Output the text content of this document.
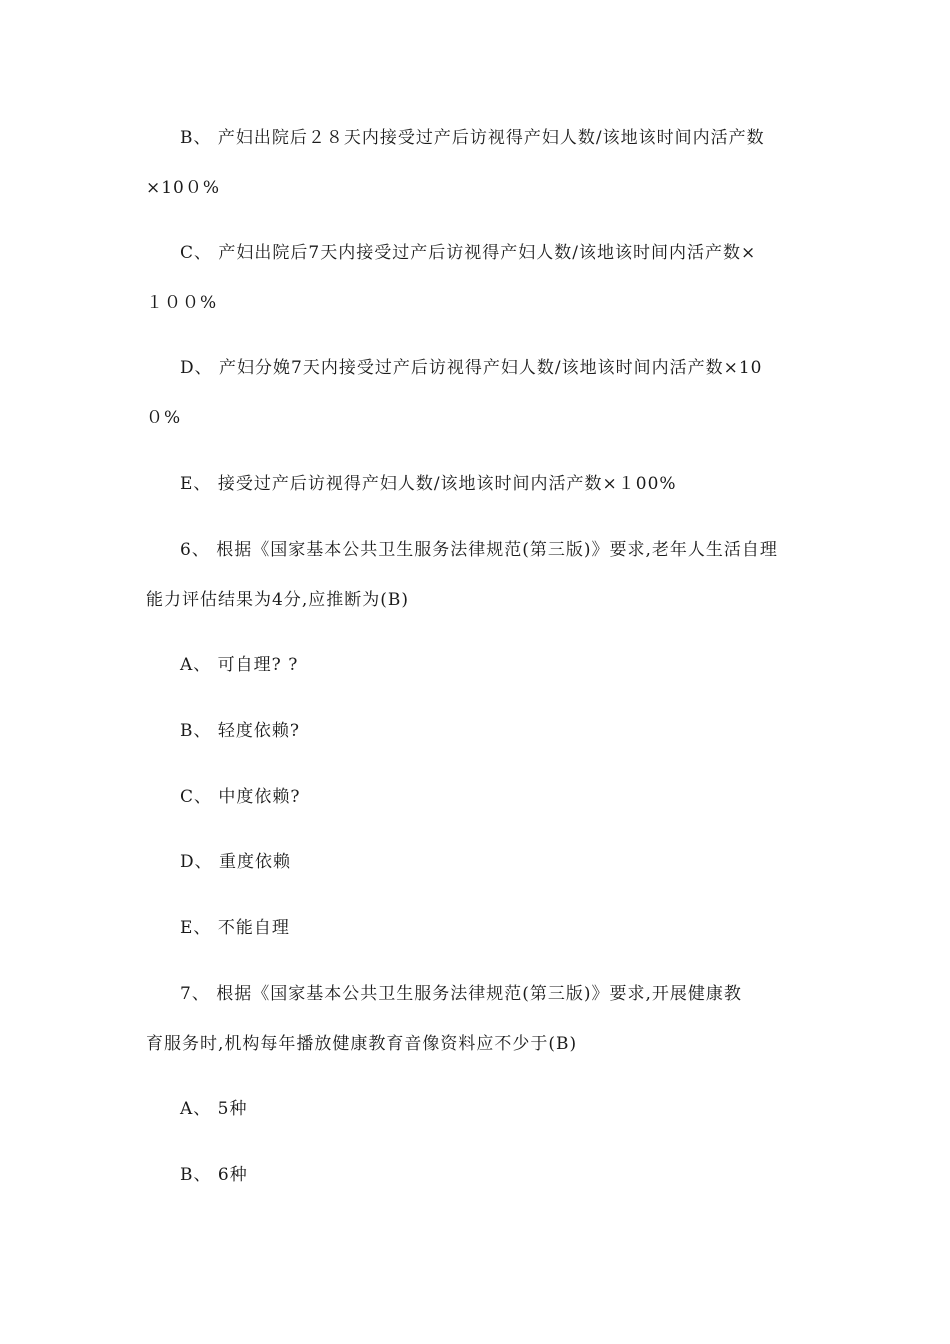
B、 产妇出院后２８天内接受过产后访视得产妇人数/该地该时间内活产数
×10０%
C、 产妇出院后7天内接受过产后访视得产妇人数/该地该时间内活产数×
１００%
D、 产妇分娩7天内接受过产后访视得产妇人数/该地该时间内活产数×10
０%
E、 接受过产后访视得产妇人数/该地该时间内活产数×１00%
6、 根据《国家基本公共卫生服务法律规范(第三版)》要求,老年人生活自理
能力评估结果为4分,应推断为(B)
A、 可自理? ?
B、 轻度依赖?
C、 中度依赖?
D、 重度依赖
E、 不能自理
7、 根据《国家基本公共卫生服务法律规范(第三版)》要求,开展健康教
育服务时,机构每年播放健康教育音像资料应不少于(B)
A、 5种
B、 6种
